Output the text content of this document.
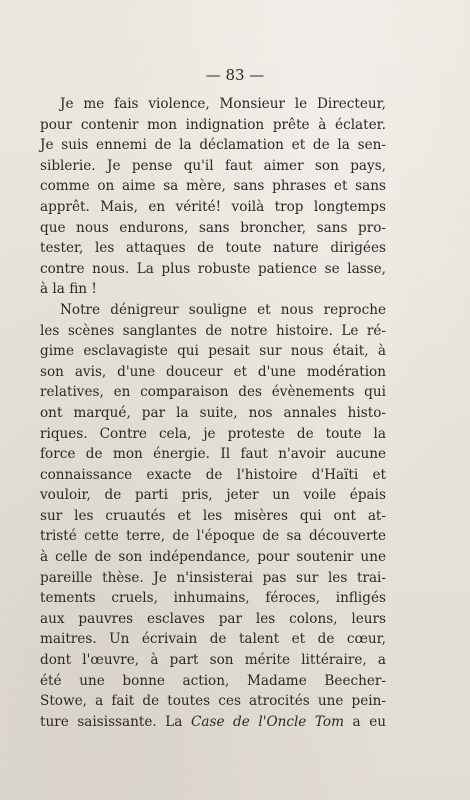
— 83 —
Je me fais violence, Monsieur le Directeur,
pour contenir mon indignation prête à éclater.
Je suis ennemi de la déclamation et de la sen-
siblerie. Je pense qu'il faut aimer son pays,
comme on aime sa mère, sans phrases et sans
apprêt. Mais, en vérité! voilà trop longtemps
que nous endurons, sans broncher, sans pro-
tester, les attaques de toute nature dirigées
contre nous. La plus robuste patience se lasse,
à la fin !
Notre dénigreur souligne et nous reproche
les scènes sanglantes de notre histoire. Le ré-
gime esclavagiste qui pesait sur nous était, à
son avis, d'une douceur et d'une modération
relatives, en comparaison des évènements qui
ont marqué, par la suite, nos annales histo-
riques. Contre cela, je proteste de toute la
force de mon énergie. Il faut n'avoir aucune
connaissance exacte de l'histoire d'Haïti et
vouloir, de parti pris, jeter un voile épais
sur les cruautés et les misères qui ont at-
trist​é cette terre, de l'époque de sa découverte
à celle de son indépendance, pour soutenir une
pareille thèse. Je n'insisterai pas sur les trai-
tements cruels, inhumains, féroces, infligés
aux pauvres esclaves par les colons, leurs
maitres. Un écrivain de talent et de cœur,
dont l'œuvre, à part son mérite littéraire, a
été une bonne action, Madame Beecher-
Stowe, a fait de toutes ces atrocités une pein-
ture saisissante. La Case de l'Oncle Tom a eu
